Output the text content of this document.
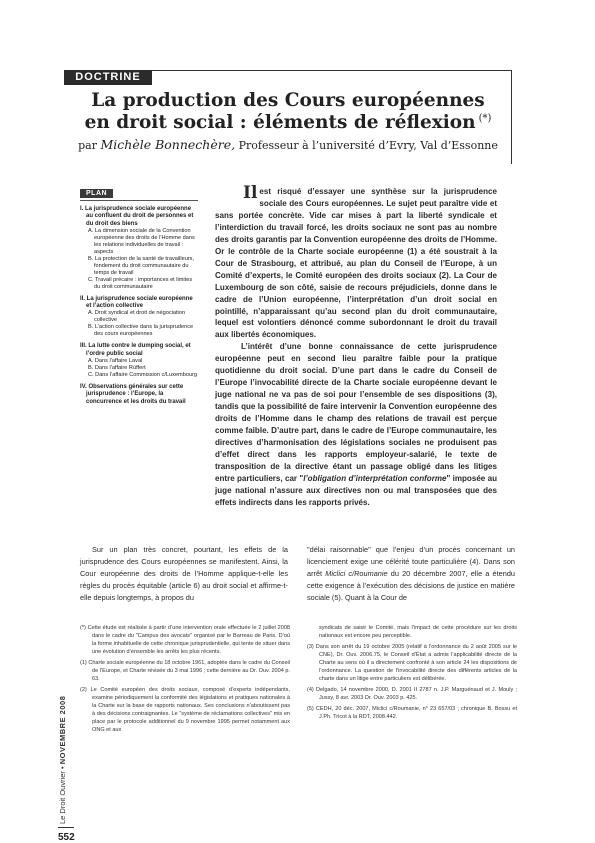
DOCTRINE
La production des Cours européennes
en droit social : éléments de réflexion (*)
par Michèle Bonnechère, Professeur à l’université d’Evry, Val d’Essonne
PLAN
I. La jurisprudence sociale européenne au confluent du droit de personnes et du droit des biens
A. La dimension sociale de la Convention européenne des droits de l’Homme dans les relations individuelles de travail : aspects
B. La protection de la santé de travailleurs, fondement du droit communautaire du temps de travail
C. Travail précaire : importances et limites du droit communautaire
II. La jurisprudence sociale européenne et l’action collective
A. Droit syndical et droit de négociation collective
B. L’action collective dans la jurisprudence des cours européennes
III. La lutte contre le dumping social, et l’ordre public social
A. Dans l’affaire Laval
B. Dans l’affaire Rüffert
C. Dans l’affaire Commission c/Luxembourg
IV. Observations générales sur cette jurisprudence : l’Europe, la concurrence et les droits du travail

Il est risqué d’essayer une synthèse sur la jurisprudence sociale des Cours européennes. Le sujet peut paraître vide et sans portée concrète. Vide car mises à part la liberté syndicale et l’interdiction du travail forcé, les droits sociaux ne sont pas au nombre des droits garantis par la Convention européenne des droits de l’Homme. Or le contrôle de la Charte sociale européenne (1) a été soustrait à la Cour de Strasbourg, et attribué, au plan du Conseil de l’Europe, à un Comité d’experts, le Comité européen des droits sociaux (2). La Cour de Luxembourg de son côté, saisie de recours préjudiciels, donne dans le cadre de l’Union européenne, l’interprétation d’un droit social en pointillé, n’apparaissant qu’au second plan du droit communautaire, lequel est volontiers dénoncé comme subordonnant le droit du travail aux libertés économiques.

L’intérêt d’une bonne connaissance de cette jurisprudence européenne peut en second lieu paraître faible pour la pratique quotidienne du droit social. D’une part dans le cadre du Conseil de l’Europe l’invocabilité directe de la Charte sociale européenne devant le juge national ne va pas de soi pour l’ensemble de ses dispositions (3), tandis que la possibilité de faire intervenir la Convention européenne des droits de l’Homme dans le champ des relations de travail est perçue comme faible. D’autre part, dans le cadre de l’Europe communautaire, les directives d’harmonisation des législations sociales ne produisent pas d’effet direct dans les rapports employeur-salarié, le texte de transposition de la directive étant un passage obligé dans les litiges entre particuliers, car "l’obligation d’interprétation conforme" imposée au juge national n’assure aux directives non ou mal transposées que des effets indirects dans les rapports privés.

Sur un plan très concret, pourtant, les effets de la jurisprudence des Cours européennes se manifestent. Ainsi, la Cour européenne des droits de l’Homme applique-t-elle les règles du procès équitable (article 6) au droit social et affirme-t-elle depuis longtemps, à propos du

"délai raisonnable" que l’enjeu d’un procès concernant un licenciement exige une célérité toute particulière (4). Dans son arrêt Miclici c/Roumanie du 20 décembre 2007, elle a étendu cette exigence à l’exécution des décisions de justice en matière sociale (5). Quant à la Cour de

(*) Cette étude est réalisée à partir d’une intervention orale effectuée le 2 juillet 2008 dans le cadre du "Campus des avocats" organisé par le Barreau de Paris. D’où la forme inhabituelle de cette chronique jurisprudentielle, qui tente de situer dans une évolution d’ensemble les arrêts les plus récents.
(1) Charte sociale européenne du 18 octobre 1961, adoptée dans le cadre du Conseil de l’Europe, et Charte révisée du 3 mai 1996 ; cette dernière au Dr. Ouv. 2004 p. 63.
(2) Le Comité européen des droits sociaux, composé d’experts indépendants, examine périodiquement la conformité des législations et pratiques nationales à la Charte sur la base de rapports nationaux. Ses conclusions n’aboutissent pas à des décisions contraignantes. Le "système de réclamations collectives" mis en place par le protocole additionnel du 9 novembre 1995 permet notamment aux ONG et aux
syndicats de saisir le Comité, mais l’impact de cette procédure sur les droits nationaux est encore peu perceptible.
(3) Dans son arrêt du 19 octobre 2005 (relatif à l’ordonnance du 2 août 2005 sur le CNE), Dr. Ouv. 2006.75, le Conseil d’État a admis l’applicabilité directe de la Charte au sens où il a directement confronté à son article 24 les dispositions de l’ordonnance. La question de l’invocabilité directe des différents articles de la charte dans un litige entre particuliers est délibérée.
(4) Delgado, 14 novembre 2000, D. 2001 II 2787 n. J.P. Marguénaud et J. Mouly ; Jussy, 8 avr. 2003 Dr. Ouv. 2003 p. 425.
(5) CEDH, 20 déc. 2007, Miclici c/Roumanie, n° 23 657/03 ; chronique B. Bossu et J.Ph. Tricot à la RDT, 2008.442.
Le Droit Ouvrier • NOVEMBRE 2008
552
